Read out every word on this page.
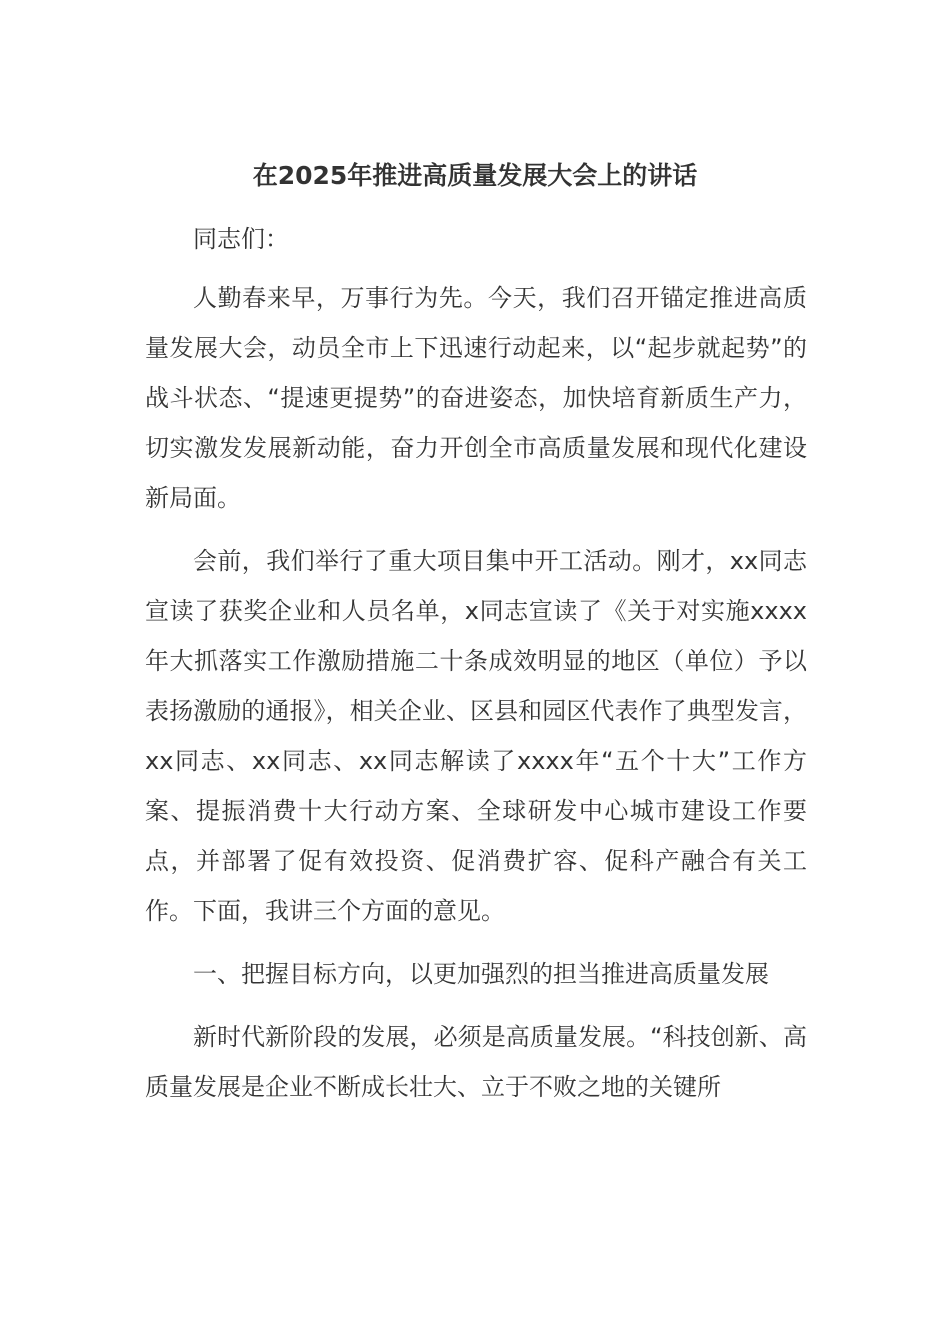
在2025年推进高质量发展大会上的讲话

同志们：

人勤春来早，万事行为先。今天，我们召开锚定推进高质量发展大会，动员全市上下迅速行动起来，以“起步就起势”的战斗状态、“提速更提势”的奋进姿态，加快培育新质生产力，切实激发发展新动能，奋力开创全市高质量发展和现代化建设新局面。

会前，我们举行了重大项目集中开工活动。刚才，xx同志宣读了获奖企业和人员名单，x同志宣读了《关于对实施xxxx年大抓落实工作激励措施二十条成效明显的地区（单位）予以表扬激励的通报》，相关企业、区县和园区代表作了典型发言，xx同志、xx同志、xx同志解读了xxxx年“五个十大”工作方案、提振消费十大行动方案、全球研发中心城市建设工作要点，并部署了促有效投资、促消费扩容、促科产融合有关工作。下面，我讲三个方面的意见。

一、把握目标方向，以更加强烈的担当推进高质量发展

新时代新阶段的发展，必须是高质量发展。“科技创新、高质量发展是企业不断成长壮大、立于不败之地的关键所
